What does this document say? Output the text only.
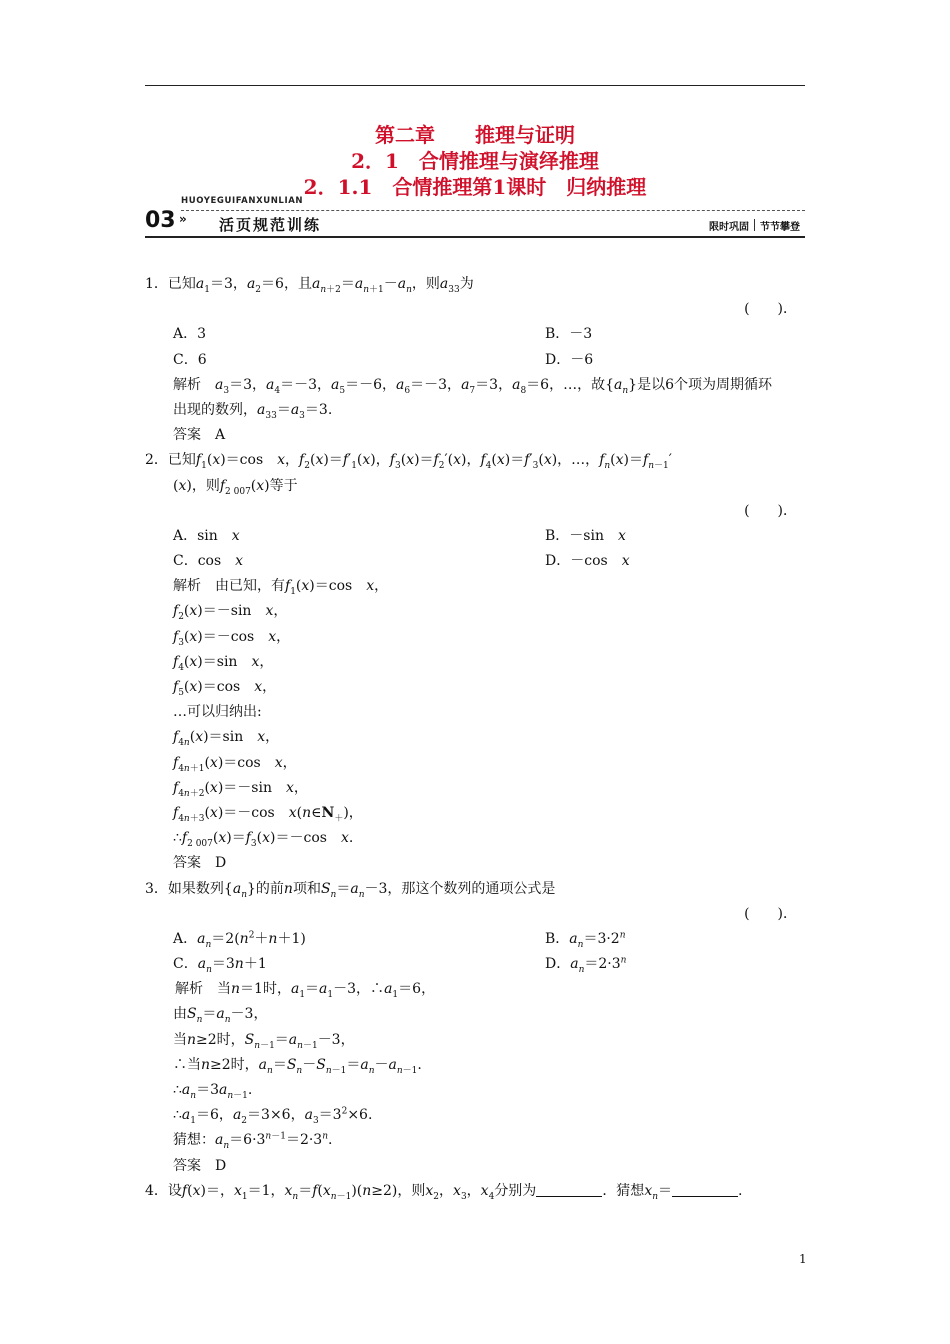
第二章　　推理与证明
2．1　合情推理与演绎推理
2．1.1　合情推理第1课时　归纳推理
HUOYEGUIFANXUNLIAN
03 » 活页规范训练	限时巩固	节节攀登
1．已知$a_1=3$，$a_2=6$，且$a_{n+2}=a_{n+1}-a_n$，则$a_{33}$为
(　　)．
A．3	B．－3
C．6	D．－6
解析　$a_3=3$，$a_4=-3$，$a_5=-6$，$a_6=-3$，$a_7=3$，$a_8=6$，…，故$\{a_n\}$是以6个项为周期循环
出现的数列，$a_{33}=a_3=3$.
答案　A
2．已知$f_1(x)=\cos$　x，$f_2(x)=f'_1(x)$，$f_3(x)=f_2'(x)$，$f_4(x)=f'_3(x)$，…，$f_n(x)=f_{n-1}'$
(x)，则$f_{2 007}(x)$等于
(　　)．
A．sin　 x	B．－sin　 x
C．cos　 x	D．－cos　 x
解析　由已知，有$f_1(x)=\cos$　x，
$f_2(x)=-\sin$　x，
$f_3(x)=-\cos$　x，
$f_4(x)=\sin$　x，
$f_5(x)=\cos$　x，
…可以归纳出:
$f_{4n}(x)=\sin$　x，
$f_{4n+1}(x)=\cos$　x，
$f_{4n+2}(x)=-\sin$　x，
$f_{4n+3}(x)=-\cos$　$x(n\in N_+)$，
$\therefore f_{2 007}(x)=f_3(x)=-\cos$　x.
答案　D
3．如果数列$\{a_n\}$的前n项和$S_n=a_n-3$，那这个数列的通项公式是
(　　)．
A．$a_n=2(n^2+n+1)$	B．$a_n=3\cdot 2^n$
C．$a_n=3n+1$	D．$a_n=2\cdot 3^n$
解析　当n＝1时，$a_1=a_1-3$，$\therefore a_1=6$，
由$S_n=a_n-3$，
当n≥2时，$S_{n-1}=a_{n-1}-3$，
∴当n≥2时，$a_n=S_n-S_{n-1}=a_n-a_{n-1}$.
$\therefore a_n=3a_{n-1}$.
$\therefore a_1=6$，$a_2=3\times 6$，$a_3=3^2\times 6$.
猜想：$a_n=6\cdot 3^{n-1}=2\cdot 3^n$.
答案　D
4．设f(x)＝，$x_1=1$，$x_n=f(x_{n-1})(n\ge 2)$，则$x_2$，$x_3$，$x_4$分别为	．猜想$x_n=$	.
1
